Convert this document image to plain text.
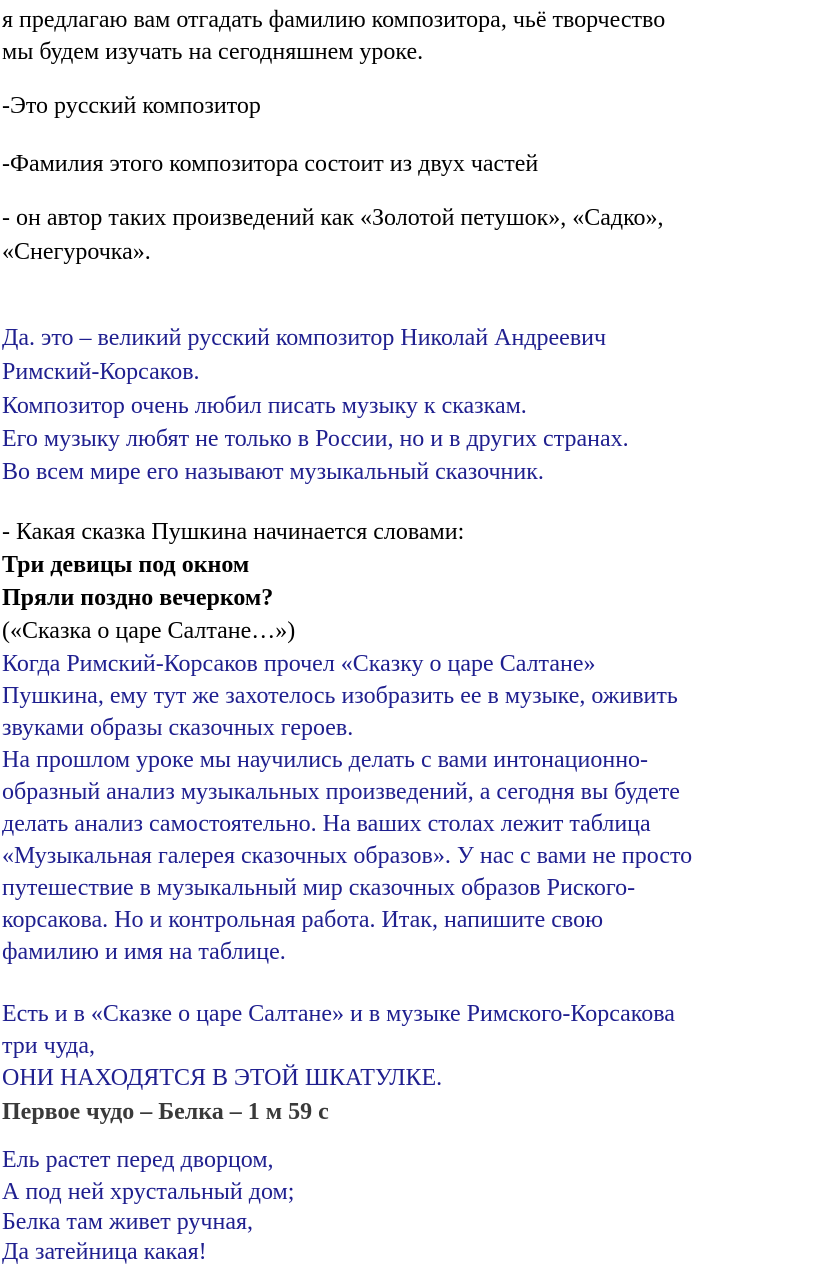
я предлагаю вам отгадать фамилию композитора, чьё творчество

мы будем изучать на сегодняшнем уроке.

-Это русский композитор

-Фамилия этого композитора состоит из двух частей

- он автор таких произведений как «Золотой петушок», «Садко»,

«Снегурочка».

Да. это – великий русский композитор Николай Андреевич

Римский-Корсаков.

Композитор очень любил писать музыку к сказкам.

Его музыку любят не только в России, но и в других странах.

Во всем мире его называют музыкальный сказочник.

- Какая сказка Пушкина начинается словами:

Три девицы под окном

Пряли поздно вечерком?

(«Сказка о царе Салтане…»)

Когда Римский-Корсаков прочел «Сказку о царе Салтане»

Пушкина, ему тут же захотелось изобразить ее в музыке, оживить

звуками образы сказочных героев.

На прошлом уроке мы научились делать с вами интонационно-

образный анализ музыкальных произведений, а сегодня вы будете

делать анализ самостоятельно. На ваших столах лежит таблица

«Музыкальная галерея сказочных образов». У нас с вами не просто

путешествие в музыкальный мир сказочных образов Риского-

корсакова. Но и контрольная работа. Итак, напишите свою

фамилию и имя на таблице.

Есть и в «Сказке о царе Салтане» и в музыке Римского-Корсакова

три чуда,

ОНИ НАХОДЯТСЯ В ЭТОЙ ШКАТУЛКЕ.

Первое чудо – Белка – 1 м 59 с

Ель растет перед дворцом,

А под ней хрустальный дом;

Белка там живет ручная,

Да затейница какая!
